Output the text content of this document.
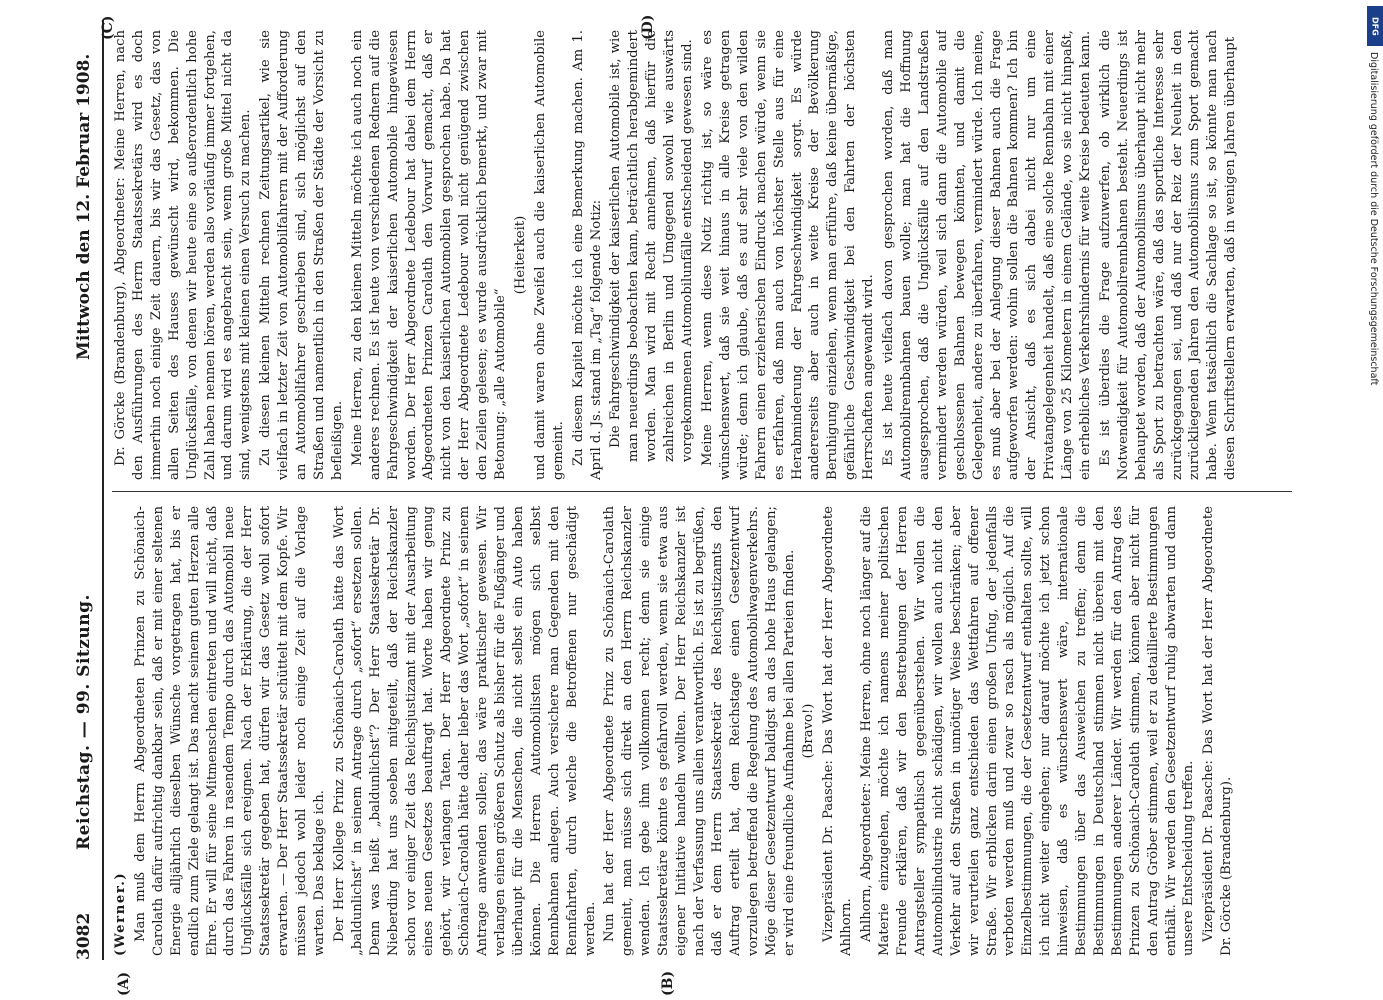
3082
Reichstag. — 99. Sitzung.
Mittwoch den 12. Februar 1908.
(A)	(B)
(C)	(D)

(Werner.) Man muß dem Herrn Abgeordneten Prinzen zu Schönaich-Carolath dafür aufrichtig dankbar sein, daß er mit einer seltenen Energie alljährlich dieselben Wünsche vorgetragen hat, bis er endlich zum Ziele gelangt ist. Das macht seinem guten Herzen alle Ehre. Er will für seine Mitmenschen eintreten und will nicht, daß durch das Fahren in rasendem Tempo durch das Automobil neue Unglücksfälle sich ereignen. Nach der Erklärung, die der Herr Staatssekretär gegeben hat, dürfen wir das Gesetz wohl sofort erwarten. — Der Herr Staatssekretär schüttelt mit dem Kopfe. Wir müssen jedoch wohl leider noch einige Zeit auf die Vorlage warten. Das beklage ich. Der Herr Kollege Prinz zu Schönaich-Carolath hätte das Wort „baldunlichst“ in seinem Antrage durch „sofort“ ersetzen sollen. Denn was heißt „baldunlichst“? Der Herr Staatssekretär Dr. Nieberding hat uns soeben mitgeteilt, daß der Reichskanzler schon vor einiger Zeit das Reichsjustizamt mit der Ausarbeitung eines neuen Gesetzes beauftragt hat. Worte haben wir genug gehört, wir verlangen Taten. Der Herr Abgeordnete Prinz zu Schönaich-Carolath hätte daher lieber das Wort „sofort“ in seinem Antrage anwenden sollen; das wäre praktischer gewesen. Wir verlangen einen größeren Schutz als bisher für die Fußgänger und überhaupt für die Menschen, die nicht selbst ein Auto haben können. Die Herren Automobilisten mögen sich selbst Rennbahnen anlegen. Auch versichere man Gegenden mit den Rennfahrten, durch welche die Betroffenen nur geschädigt werden. Nun hat der Herr Abgeordnete Prinz zu Schönaich-Carolath gemeint, man müsse sich direkt an den Herrn Reichskanzler wenden. Ich gebe ihm vollkommen recht; denn sie einige Staatssekretäre könnte es gefahrvoll werden, wenn sie etwa aus eigener Initiative handeln wollten. Der Herr Reichskanzler ist nach der Verfassung uns allein verantwortlich. Es ist zu begrüßen, daß er dem Herrn Staatssekretär des Reichsjustizamts den Auftrag erteilt hat, dem Reichstage einen Gesetzentwurf vorzulegen betreffend die Regelung des Automobilwagenverkehrs. Möge dieser Gesetzentwurf baldigst an das hohe Haus gelangen; er wird eine freundliche Aufnahme bei allen Parteien finden. (Bravo!) Vizepräsident Dr. Paasche: Das Wort hat der Herr Abgeordnete Ahlhorn. Ahlhorn, Abgeordneter: Meine Herren, ohne noch länger auf die Materie einzugehen, möchte ich namens meiner politischen Freunde erklären, daß wir den Bestrebungen der Herren Antragsteller sympathisch gegenüberstehen. Wir wollen die Automobilindustrie nicht schädigen, wir wollen auch nicht den Verkehr auf den Straßen in unnötiger Weise beschränken; aber wir verurteilen ganz entschieden das Wettfahren auf offener Straße. Wir erblicken darin einen großen Unfug, der jedenfalls verboten werden muß und zwar so rasch als möglich. Auf die Einzelbestimmungen, die der Gesetzentwurf enthalten sollte, will ich nicht weiter eingehen; nur darauf möchte ich jetzt schon hinweisen, daß es wünschenswert wäre, internationale Bestimmungen über das Ausweichen zu treffen; denn die Bestimmungen in Deutschland stimmen nicht überein mit den Bestimmungen anderer Länder. Wir werden für den Antrag des Prinzen zu Schönaich-Carolath stimmen, können aber nicht für den Antrag Gröber stimmen, weil er zu detaillierte Bestimmungen enthält. Wir werden den Gesetzentwurf ruhig abwarten und dann unsere Entscheidung treffen. Vizepräsident Dr. Paasche: Das Wort hat der Herr Abgeordnete Dr. Görcke (Brandenburg).

Dr. Görcke (Brandenburg), Abgeordneter: Meine Herren, nach den Ausführungen des Herrn Staatssekretärs wird es doch immerhin noch einige Zeit dauern, bis wir das Gesetz, das von allen Seiten des Hauses gewünscht wird, bekommen. Die Unglücksfälle, von denen wir heute eine so außerordentlich hohe Zahl haben nennen hören, werden also vorläufig immer fortgehen, und darum wird es angebracht sein, wenn große Mittel nicht da sind, wenigstens mit kleinen einen Versuch zu machen. Zu diesen kleinen Mitteln rechnen Zeitungsartikel, wie sie vielfach in letzter Zeit von Automobilfahrern mit der Aufforderung an Automobilfahrer geschrieben sind, sich möglichst auf den Straßen und namentlich in den Straßen der Städte der Vorsicht zu befleißigen. Meine Herren, zu den kleinen Mitteln möchte ich auch noch ein anderes rechnen. Es ist heute von verschiedenen Rednern auf die Fahrgeschwindigkeit der kaiserlichen Automobile hingewiesen worden. Der Herr Abgeordnete Ledebour hat dabei dem Herrn Abgeordneten Prinzen Carolath den Vorwurf gemacht, daß er nicht von den kaiserlichen Automobilen gesprochen habe. Da hat der Herr Abgeordnete Ledebour wohl nicht genügend zwischen den Zeilen gelesen; es wurde ausdrücklich bemerkt, und zwar mit Betonung: „alle Automobile“

(Heiterkeit) und damit waren ohne Zweifel auch die kaiserlichen Automobile gemeint. Zu diesem Kapitel möchte ich eine Bemerkung machen. Am 1. April d. Js. stand im „Tag“ folgende Notiz: Die Fahrgeschwindigkeit der kaiserlichen Automobile ist, wie man neuerdings beobachten kann, beträchtlich herabgemindert worden. Man wird mit Recht annehmen, daß hierfür die zahlreichen in Berlin und Umgegend sowohl wie auswärts vorgekommenen Automobilunfälle entscheidend gewesen sind. Meine Herren, wenn diese Notiz richtig ist, so wäre es wünschenswert, daß sie weit hinaus in alle Kreise getragen würde; denn ich glaube, daß es auf sehr viele von den wilden Fahrern einen erzieherischen Eindruck machen würde, wenn sie es erfahren, daß man auch von höchster Stelle aus für eine Herabminderung der Fahrgeschwindigkeit sorgt. Es würde andererseits aber auch in weite Kreise der Bevölkerung Beruhigung einziehen, wenn man erführe, daß keine übermäßige, gefährliche Geschwindigkeit bei den Fahrten der höchsten Herrschaften angewandt wird. Es ist heute vielfach davon gesprochen worden, daß man Automobilrennbahnen bauen wolle; man hat die Hoffnung ausgesprochen, daß die Unglücksfälle auf den Landstraßen vermindert werden würden, weil sich dann die Automobile auf geschlossenen Bahnen bewegen könnten, und damit die Gelegenheit, andere zu überfahren, vermindert würde. Ich meine, es muß aber bei der Anlegung dieser Bahnen auch die Frage aufgeworfen werden: wohin sollen die Bahnen kommen? Ich bin der Ansicht, daß es sich dabei nicht nur um eine Privatangelegenheit handelt, daß eine solche Rennbahn mit einer Länge von 25 Kilometern in einem Gelände, wo sie nicht hinpaßt, ein erhebliches Verkehrshindernis für weite Kreise bedeuten kann. Es ist überdies die Frage aufzuwerfen, ob wirklich die Notwendigkeit für Automobilrennbahnen besteht. Neuerdings ist behauptet worden, daß der Automobilismus überhaupt nicht mehr als Sport zu betrachten wäre, daß das sportliche Interesse sehr zurückgegangen sei, und daß nur der Reiz der Neuheit in den zurückliegenden Jahren den Automobilismus zum Sport gemacht habe. Wenn tatsächlich die Sachlage so ist, so könnte man nach diesen Schriftstellern erwarten, daß in wenigen Jahren überhaupt

DFG
Digitalisierung gefördert durch die Deutsche Forschungsgemeinschaft
